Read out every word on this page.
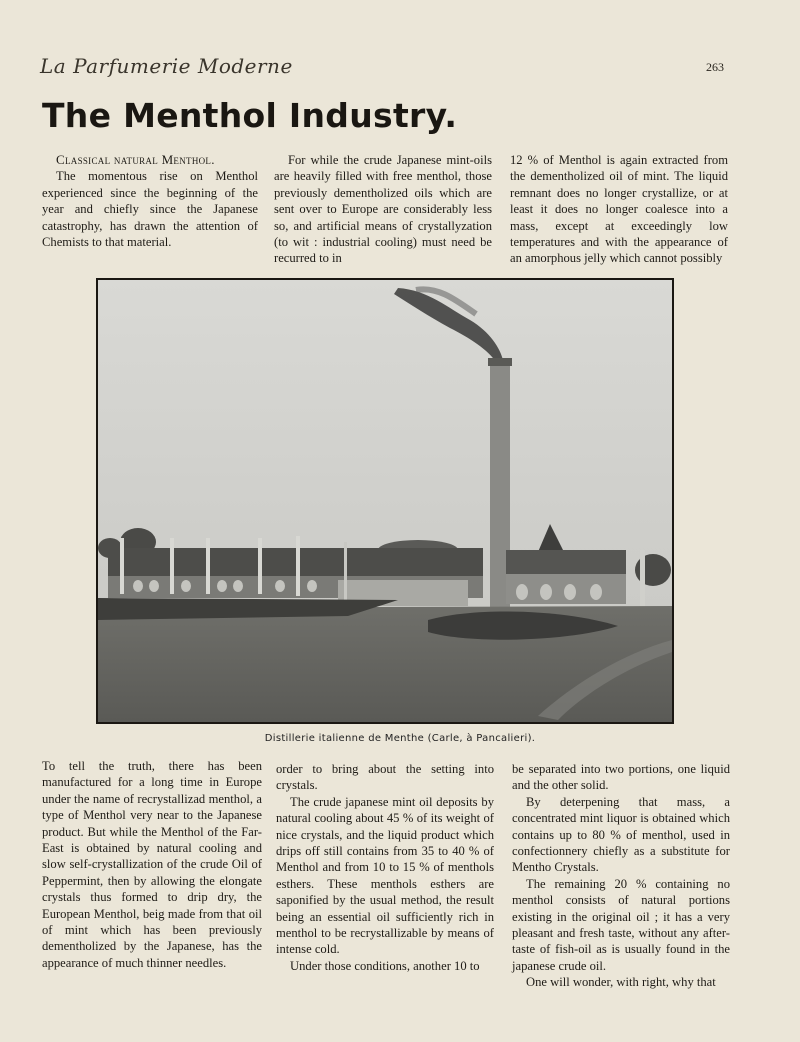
La Parfumerie Moderne	263
The Menthol Industry.

Classical natural Menthol.

The momentous rise on Menthol experienced since the beginning of the year and chiefly since the Japanese catastrophy, has drawn the attention of Chemists to that material.

For while the crude Japanese mint-oils are heavily filled with free menthol, those previously dementholized oils which are sent over to Europe are considerably less so, and artificial means of crystallyzation (to wit : industrial cooling) must need be recurred to in

12 % of Menthol is again extracted from the dementholized oil of mint. The liquid remnant does no longer crystallize, or at least it does no longer coalesce into a mass, except at exceedingly low temperatures and with the appearance of an amorphous jelly which cannot possibly

Distillerie italienne de Menthe (Carle, à Pancalieri).

To tell the truth, there has been manufactured for a long time in Europe under the name of recrystallizad menthol, a type of Menthol very near to the Japanese product. But while the Menthol of the Far-East is obtained by natural cooling and slow self-crystallization of the crude Oil of Peppermint, then by allowing the elongate crystals thus formed to drip dry, the European Menthol, beig made from that oil of mint which has been previously dementholized by the Japanese, has the appearance of much thinner needles.

order to bring about the setting into crystals.

The crude japanese mint oil deposits by natural cooling about 45 % of its weight of nice crystals, and the liquid product which drips off still contains from 35 to 40 % of Menthol and from 10 to 15 % of menthols esthers. These menthols esthers are saponified by the usual method, the result being an essential oil sufficiently rich in menthol to be recrystallizable by means of intense cold.

Under those conditions, another 10 to

be separated into two portions, one liquid and the other solid.

By deterpening that mass, a concentrated mint liquor is obtained which contains up to 80 % of menthol, used in confectionnery chiefly as a substitute for Mentho Crystals.

The remaining 20 % containing no menthol consists of natural portions existing in the original oil ; it has a very pleasant and fresh taste, without any after-taste of fish-oil as is usually found in the japanese crude oil.

One will wonder, with right, why that
